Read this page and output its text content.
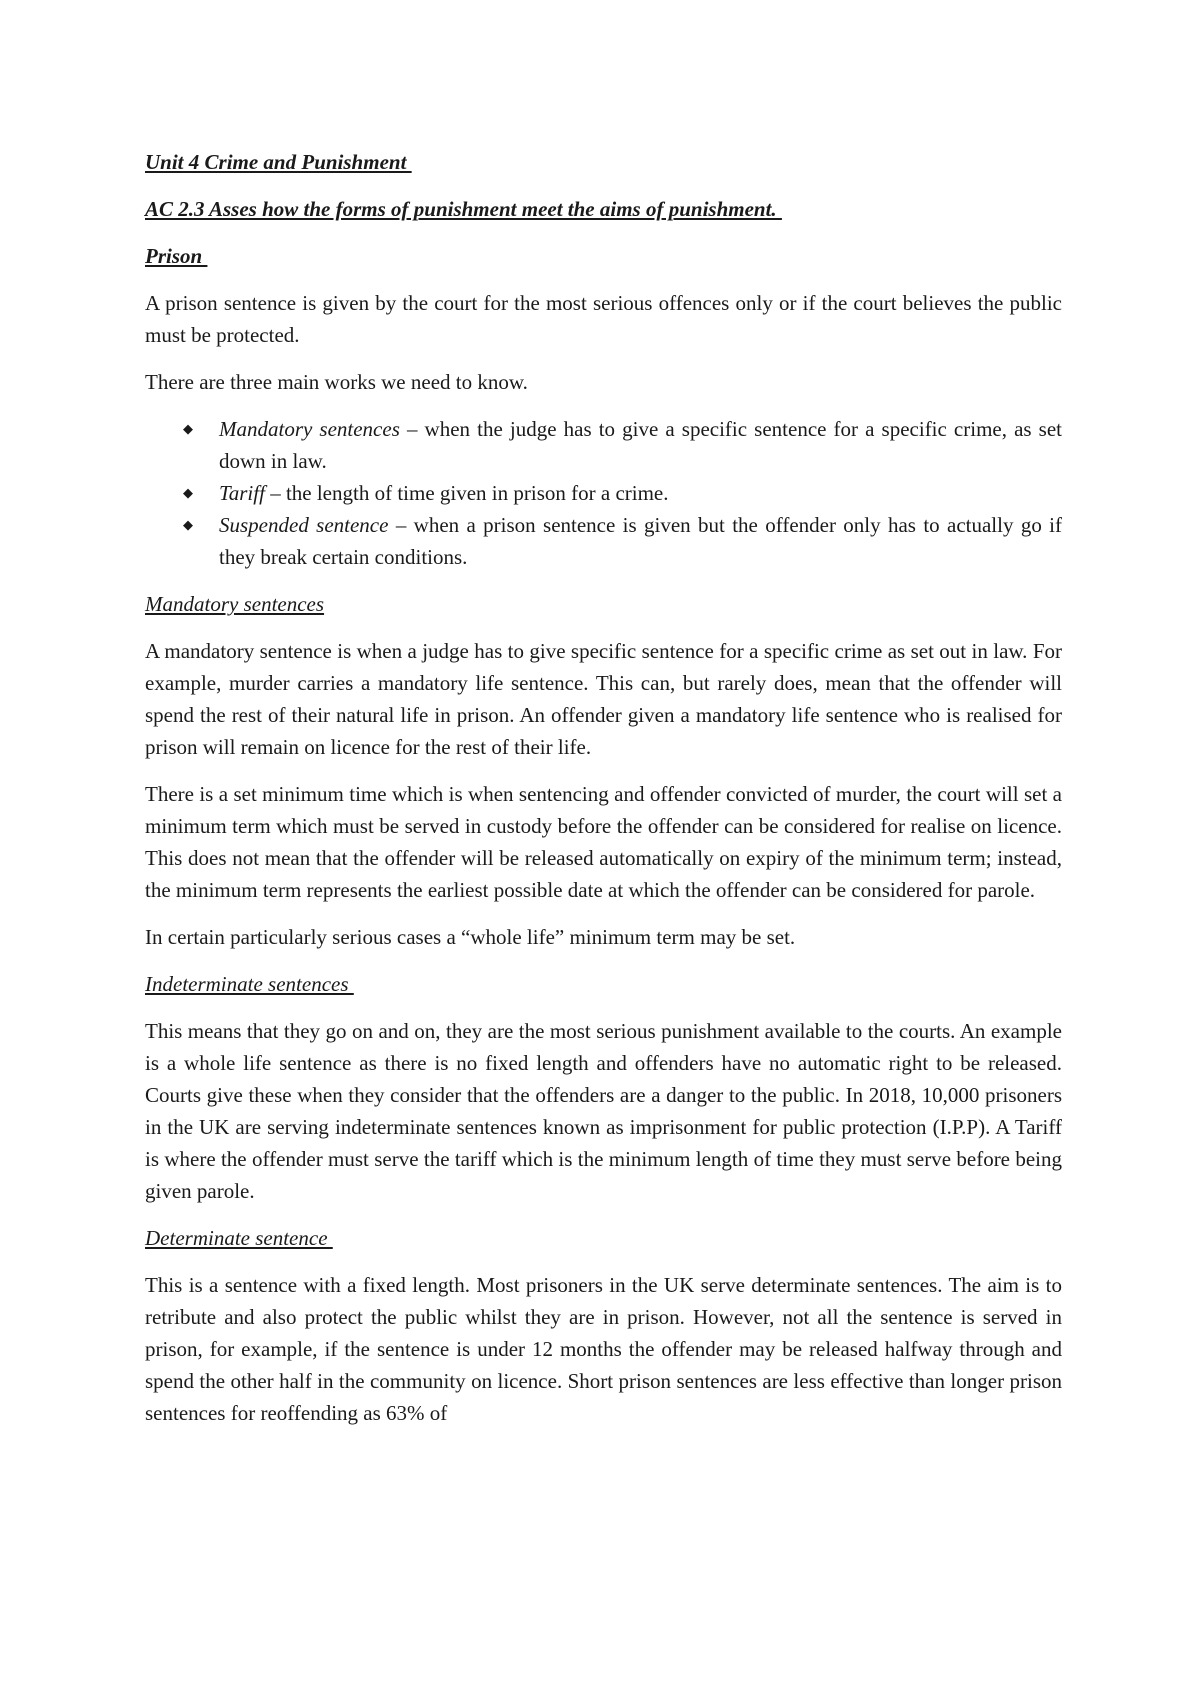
Unit 4 Crime and Punishment
AC 2.3 Asses how the forms of punishment meet the aims of punishment.
Prison

A prison sentence is given by the court for the most serious offences only or if the court believes the public must be protected.

There are three main works we need to know.

◆ Mandatory sentences – when the judge has to give a specific sentence for a specific crime, as set down in law.
◆ Tariff – the length of time given in prison for a crime.
◆ Suspended sentence – when a prison sentence is given but the offender only has to actually go if they break certain conditions.
Mandatory sentences

A mandatory sentence is when a judge has to give specific sentence for a specific crime as set out in law. For example, murder carries a mandatory life sentence. This can, but rarely does, mean that the offender will spend the rest of their natural life in prison. An offender given a mandatory life sentence who is realised for prison will remain on licence for the rest of their life.

There is a set minimum time which is when sentencing and offender convicted of murder, the court will set a minimum term which must be served in custody before the offender can be considered for realise on licence. This does not mean that the offender will be released automatically on expiry of the minimum term; instead, the minimum term represents the earliest possible date at which the offender can be considered for parole.

In certain particularly serious cases a “whole life” minimum term may be set.

Indeterminate sentences

This means that they go on and on, they are the most serious punishment available to the courts. An example is a whole life sentence as there is no fixed length and offenders have no automatic right to be released. Courts give these when they consider that the offenders are a danger to the public. In 2018, 10,000 prisoners in the UK are serving indeterminate sentences known as imprisonment for public protection (I.P.P). A Tariff is where the offender must serve the tariff which is the minimum length of time they must serve before being given parole.

Determinate sentence

This is a sentence with a fixed length. Most prisoners in the UK serve determinate sentences. The aim is to retribute and also protect the public whilst they are in prison. However, not all the sentence is served in prison, for example, if the sentence is under 12 months the offender may be released halfway through and spend the other half in the community on licence. Short prison sentences are less effective than longer prison sentences for reoffending as 63% of
